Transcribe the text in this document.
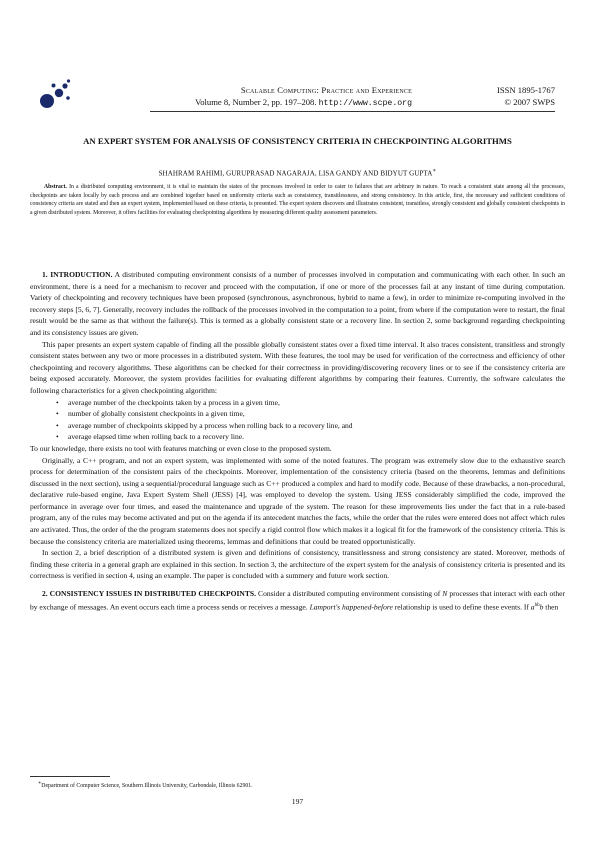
Scalable Computing: Practice and Experience
Volume 8, Number 2, pp. 197–208. http://www.scpe.org
ISSN 1895-1767
© 2007 SWPS
AN EXPERT SYSTEM FOR ANALYSIS OF CONSISTENCY CRITERIA IN CHECKPOINTING ALGORITHMS
SHAHRAM RAHIMI, GURUPRASAD NAGARAJA, LISA GANDY AND BIDYUT GUPTA∗
Abstract. In a distributed computing environment, it is vital to maintain the states of the processes involved in order to cater to failures that are arbitrary in nature. To reach a consistent state among all the processes, checkpoints are taken locally by each process and are combined together based on uniformity criteria such as consistency, transitlessness, and strong consistency. In this article, first, the necessary and sufficient conditions of consistency criteria are stated and then an expert system, implemented based on these criteria, is presented. The expert system discovers and illustrates consistent, transitless, strongly consistent and globally consistent checkpoints in a given distributed system. Moreover, it offers facilities for evaluating checkpointing algorithms by measuring different quality assessment parameters.

1. INTRODUCTION. A distributed computing environment consists of a number of processes involved in computation and communicating with each other. In such an environment, there is a need for a mechanism to recover and proceed with the computation, if one or more of the processes fail at any instant of time during computation. Variety of checkpointing and recovery techniques have been proposed (synchronous, asynchronous, hybrid to name a few), in order to minimize re-computing involved in the recovery steps [5, 6, 7]. Generally, recovery includes the rollback of the processes involved in the computation to a point, from where if the computation were to restart, the final result would be the same as that without the failure(s). This is termed as a globally consistent state or a recovery line. In section 2, some background regarding checkpointing and its consistency issues are given.

This paper presents an expert system capable of finding all the possible globally consistent states over a fixed time interval. It also traces consistent, transitless and strongly consistent states between any two or more processes in a distributed system. With these features, the tool may be used for verification of the correctness and efficiency of other checkpointing and recovery algorithms. These algorithms can be checked for their correctness in providing/discovering recovery lines or to see if the consistency criteria are being exposed accurately. Moreover, the system provides facilities for evaluating different algorithms by comparing their features. Currently, the software calculates the following characteristics for a given checkpointing algorithm:

• average number of the checkpoints taken by a process in a given time,
• number of globally consistent checkpoints in a given time,
• average number of checkpoints skipped by a process when rolling back to a recovery line, and
• average elapsed time when rolling back to a recovery line.

To our knowledge, there exists no tool with features matching or even close to the proposed system.

Originally, a C++ program, and not an expert system, was implemented with some of the noted features. The program was extremely slow due to the exhaustive search process for determination of the consistent pairs of the checkpoints. Moreover, implementation of the consistency criteria (based on the theorems, lemmas and definitions discussed in the next section), using a sequential/procedural language such as C++ produced a complex and hard to modify code. Because of these drawbacks, a non-procedural, declarative rule-based engine, Java Expert System Shell (JESS) [4], was employed to develop the system. Using JESS considerably simplified the code, improved the performance in average over four times, and eased the maintenance and upgrade of the system. The reason for these improvements lies under the fact that in a rule-based program, any of the rules may become activated and put on the agenda if its antecedent matches the facts, while the order that the rules were entered does not affect which rules are activated. Thus, the order of the the program statements does not specify a rigid control flow which makes it a logical fit for the framework of the consistency criteria. This is because the consistency criteria are materialized using theorems, lemmas and definitions that could be treated opportunistically.

In section 2, a brief description of a distributed system is given and definitions of consistency, transitlessness and strong consistency are stated. Moreover, methods of finding these criteria in a general graph are explained in this section. In section 3, the architecture of the expert system for the analysis of consistency criteria is presented and its correctness is verified in section 4, using an example. The paper is concluded with a summery and future work section.

2. CONSISTENCY ISSUES IN DISTRIBUTED CHECKPOINTS. Consider a distributed computing environment consisting of N processes that interact with each other by exchange of messages. An event occurs each time a process sends or receives a message. Lamport's happened-before relationship is used to define these events. If $a^{hb}b$ then

∗Department of Computer Science, Southern Illinois University, Carbondale, Illinois 62901.
197
